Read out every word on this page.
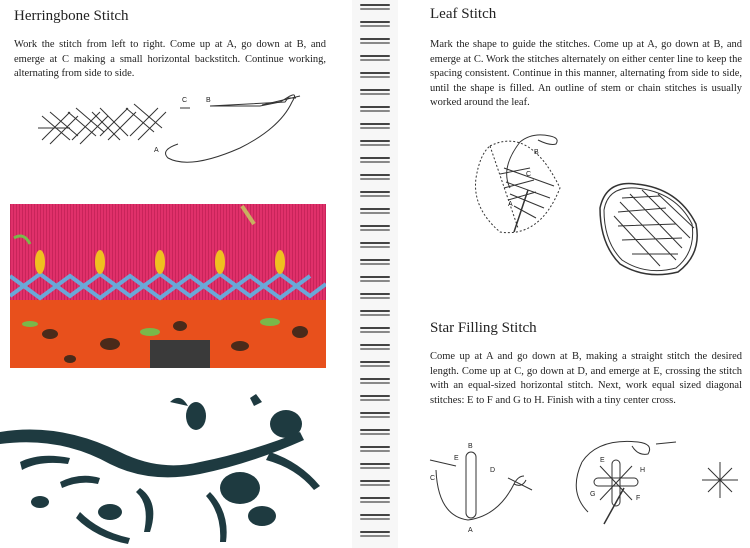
Herringbone Stitch

Work the stitch from left to right. Come up at A, go down at B, and emerge at C making a small horizontal backstitch. Continue working, alternating from side to side.

C	B
A
Leaf Stitch

Mark the shape to guide the stitches. Come up at A, go down at B, and emerge at C. Work the stitches alternately on either center line to keep the spacing consistent. Continue in this manner, alternating from side to side, until the shape is filled. An outline of stem or chain stitches is usually worked around the leaf.

B
C
A
Star Filling Stitch

Come up at A and go down at B, making a straight stitch the desired length. Come up at C, go down at D, and emerge at E, crossing the stitch with an equal-sized horizontal stitch. Next, work equal sized diagonal stitches: E to F and G to H. Finish with a tiny center cross.

B
E
C
D
A
E
H
G
F
